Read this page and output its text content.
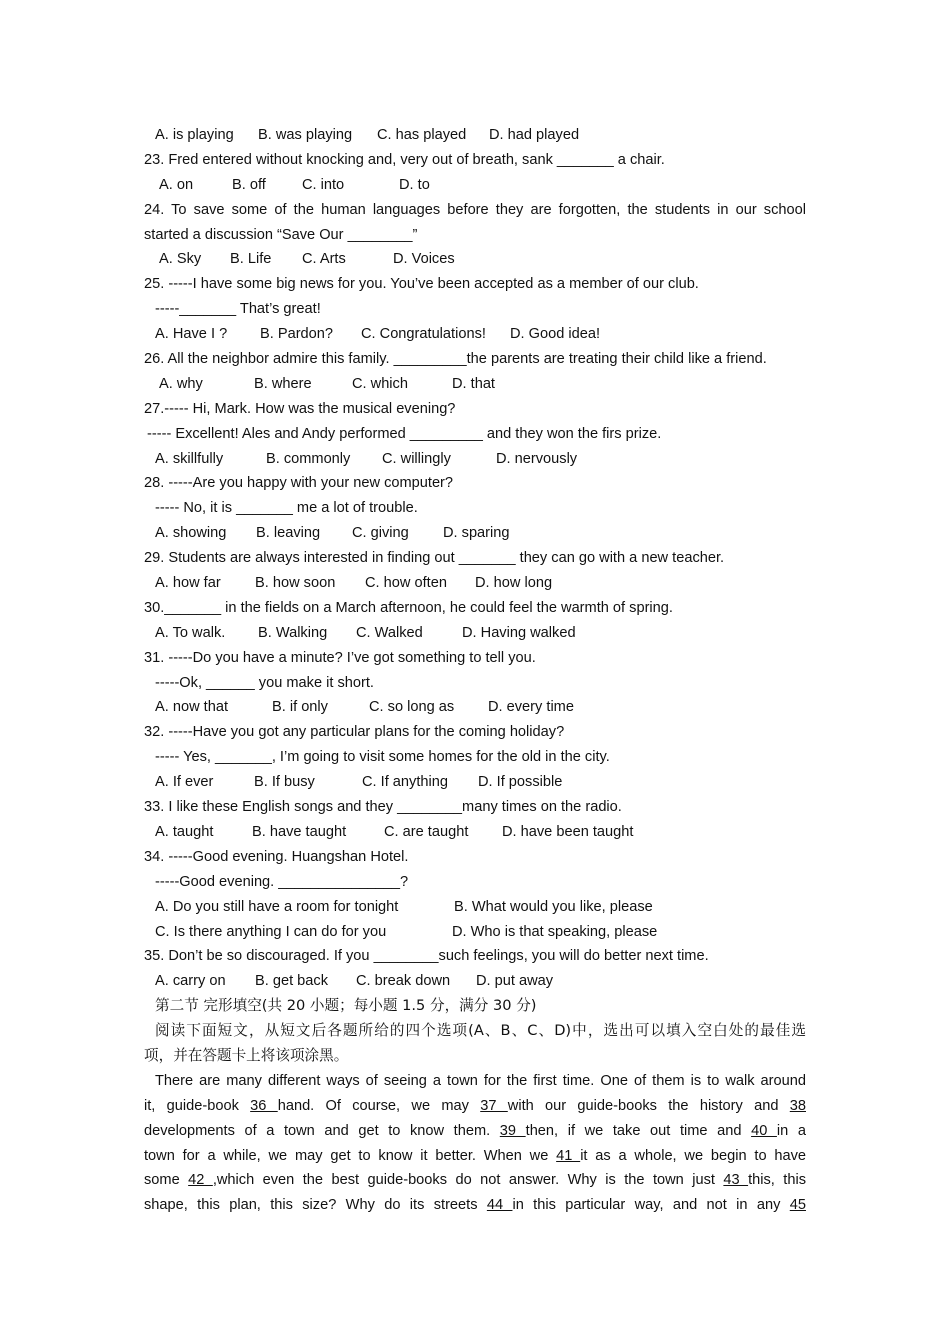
A. is playing B. was playing C. has played D. had played
23. Fred entered without knocking and, very out of breath, sank _______ a chair.
A. on	B. off C. into	D. to
24. To save some of the human languages before they are forgotten, the students in our school
started a discussion “Save Our ________”
A. Sky B. Life C. Arts	D. Voices
25. -----I have some big news for you. You’ve been accepted as a member of our club.
-----_______ That’s great!
A. Have I ? B. Pardon? C. Congratulations! D. Good idea!
26. All the neighbor admire this family. _________the parents are treating their child like a friend.
A. why	B. where	C. which	D. that
27.----- Hi, Mark. How was the musical evening?
----- Excellent! Ales and Andy performed _________ and they won the firs prize.
A. skillfully	B. commonly C. willingly	D. nervously
28. -----Are you happy with your new computer?
----- No, it is _______ me a lot of trouble.
A. showing B. leaving C. giving D. sparing
29. Students are always interested in finding out _______ they can go with a new teacher.
A. how far B. how soon C. how often D. how long
30._______ in the fields on a March afternoon, he could feel the warmth of spring.
A. To walk. B. Walking C. Walked	D. Having walked
31. -----Do you have a minute? I’ve got something to tell you.
-----Ok, ______ you make it short.
A. now that	B. if only	C. so long as D. every time
32. -----Have you got any particular plans for the coming holiday?
----- Yes, _______, I’m going to visit some homes for the old in the city.
A. If ever	B. If busy	C. If anything D. If possible
33. I like these English songs and they ________many times on the radio.
A. taught	B. have taught	C. are taught D. have been taught
34. -----Good evening. Huangshan Hotel.
-----Good evening. _______________?
A. Do you still have a room for tonight	B. What would you like, please
C. Is there anything I can do for you	D. Who is that speaking, please
35. Don’t be so discouraged. If you ________such feelings, you will do better next time.
A. carry on B. get back C. break down D. put away
第二节 完形填空(共 20 小题；每小题 1.5 分，满分 30 分)
阅读下面短文，从短文后各题所给的四个选项(A、B、C、D)中，选出可以填入空白处的最佳选
项，并在答题卡上将该项涂黑。
There are many different ways of seeing a town for the first time. One of them is to walk around
it, guide-book 36 hand. Of course, we may 37 with our guide-books the history and 38
developments of a town and get to know them. 39 then, if we take out time and 40 in a
town for a while, we may get to know it better. When we 41 it as a whole, we begin to have
some 42 ,which even the best guide-books do not answer. Why is the town just 43 this, this
shape, this plan, this size? Why do its streets 44 in this particular way, and not in any 45
